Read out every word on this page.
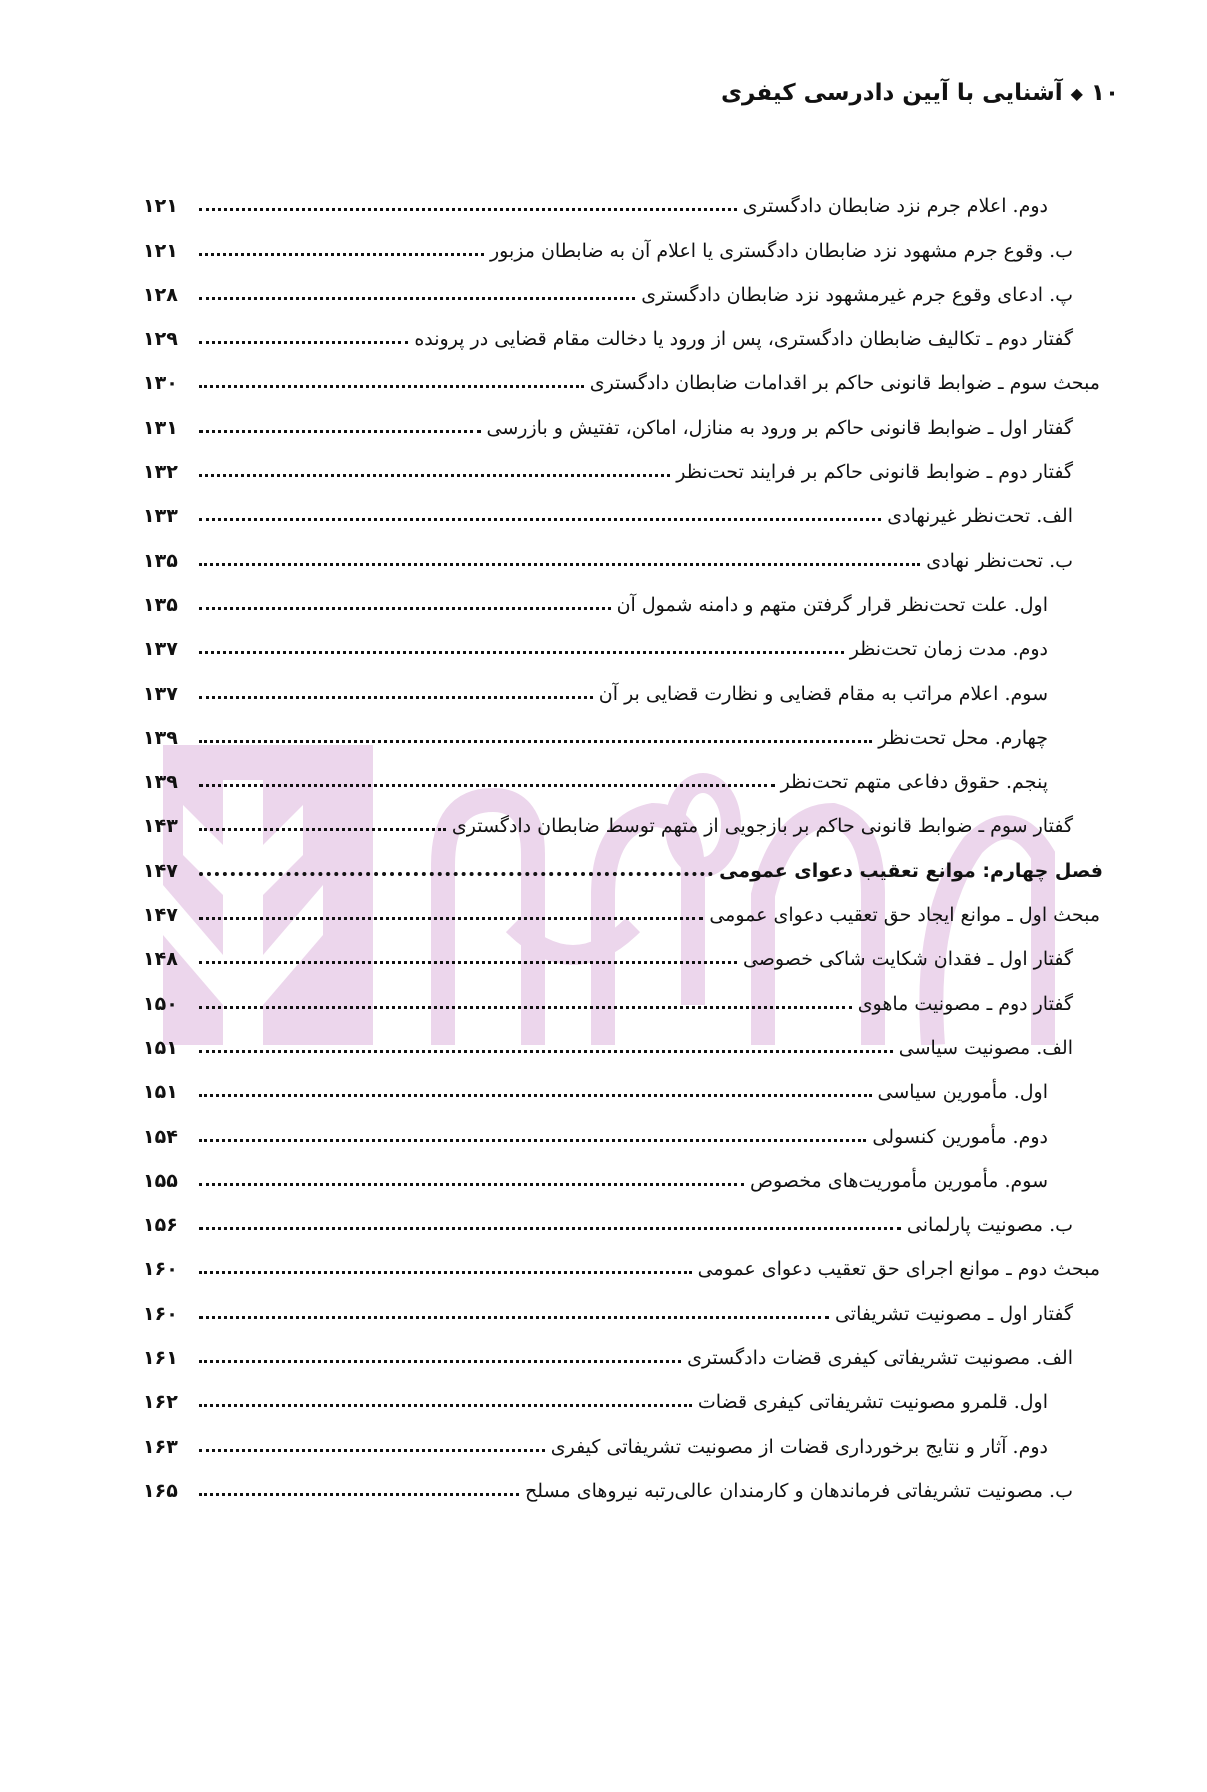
۱۰
◆
آشنایی با آیین دادرسی کیفری
دوم. اعلام جرم نزد ضابطان دادگستری
۱۲۱
ب. وقوع جرم مشهود نزد ضابطان دادگستری یا اعلام آن به ضابطان مزبور
۱۲۱
پ. ادعای وقوع جرم غیرمشهود نزد ضابطان دادگستری
۱۲۸
گفتار دوم ـ تکالیف ضابطان دادگستری، پس از ورود یا دخالت مقام قضایی در پرونده
۱۲۹
مبحث سوم ـ ضوابط قانونی حاکم بر اقدامات ضابطان دادگستری
۱۳۰
گفتار اول ـ ضوابط قانونی حاکم بر ورود به منازل، اماکن، تفتیش و بازرسی
۱۳۱
گفتار دوم ـ ضوابط قانونی حاکم بر فرایند تحت‌نظر
۱۳۲
الف. تحت‌نظر غیرنهادی
۱۳۳
ب. تحت‌نظر نهادی
۱۳۵
اول. علت تحت‌نظر قرار گرفتن متهم و دامنه شمول آن
۱۳۵
دوم. مدت زمان تحت‌نظر
۱۳۷
سوم. اعلام مراتب به مقام قضایی و نظارت قضایی بر آن
۱۳۷
چهارم. محل تحت‌نظر
۱۳۹
پنجم. حقوق دفاعی متهم تحت‌نظر
۱۳۹
گفتار سوم ـ ضوابط قانونی حاکم بر بازجویی از متهم توسط ضابطان دادگستری
۱۴۳
فصل چهارم: موانع تعقیب دعوای عمومی
۱۴۷
مبحث اول ـ موانع ایجاد حق تعقیب دعوای عمومی
۱۴۷
گفتار اول ـ فقدان شکایت شاکی خصوصی
۱۴۸
گفتار دوم ـ مصونیت ماهوی
۱۵۰
الف. مصونیت سیاسی
۱۵۱
اول. مأمورین سیاسی
۱۵۱
دوم. مأمورین کنسولی
۱۵۴
سوم. مأمورین مأموریت‌های مخصوص
۱۵۵
ب. مصونیت پارلمانی
۱۵۶
مبحث دوم ـ موانع اجرای حق تعقیب دعوای عمومی
۱۶۰
گفتار اول ـ مصونیت تشریفاتی
۱۶۰
الف. مصونیت تشریفاتی کیفری قضات دادگستری
۱۶۱
اول. قلمرو مصونیت تشریفاتی کیفری قضات
۱۶۲
دوم. آثار و نتایج برخورداری قضات از مصونیت تشریفاتی کیفری
۱۶۳
ب. مصونیت تشریفاتی فرماندهان و کارمندان عالی‌رتبه نیروهای مسلح
۱۶۵
